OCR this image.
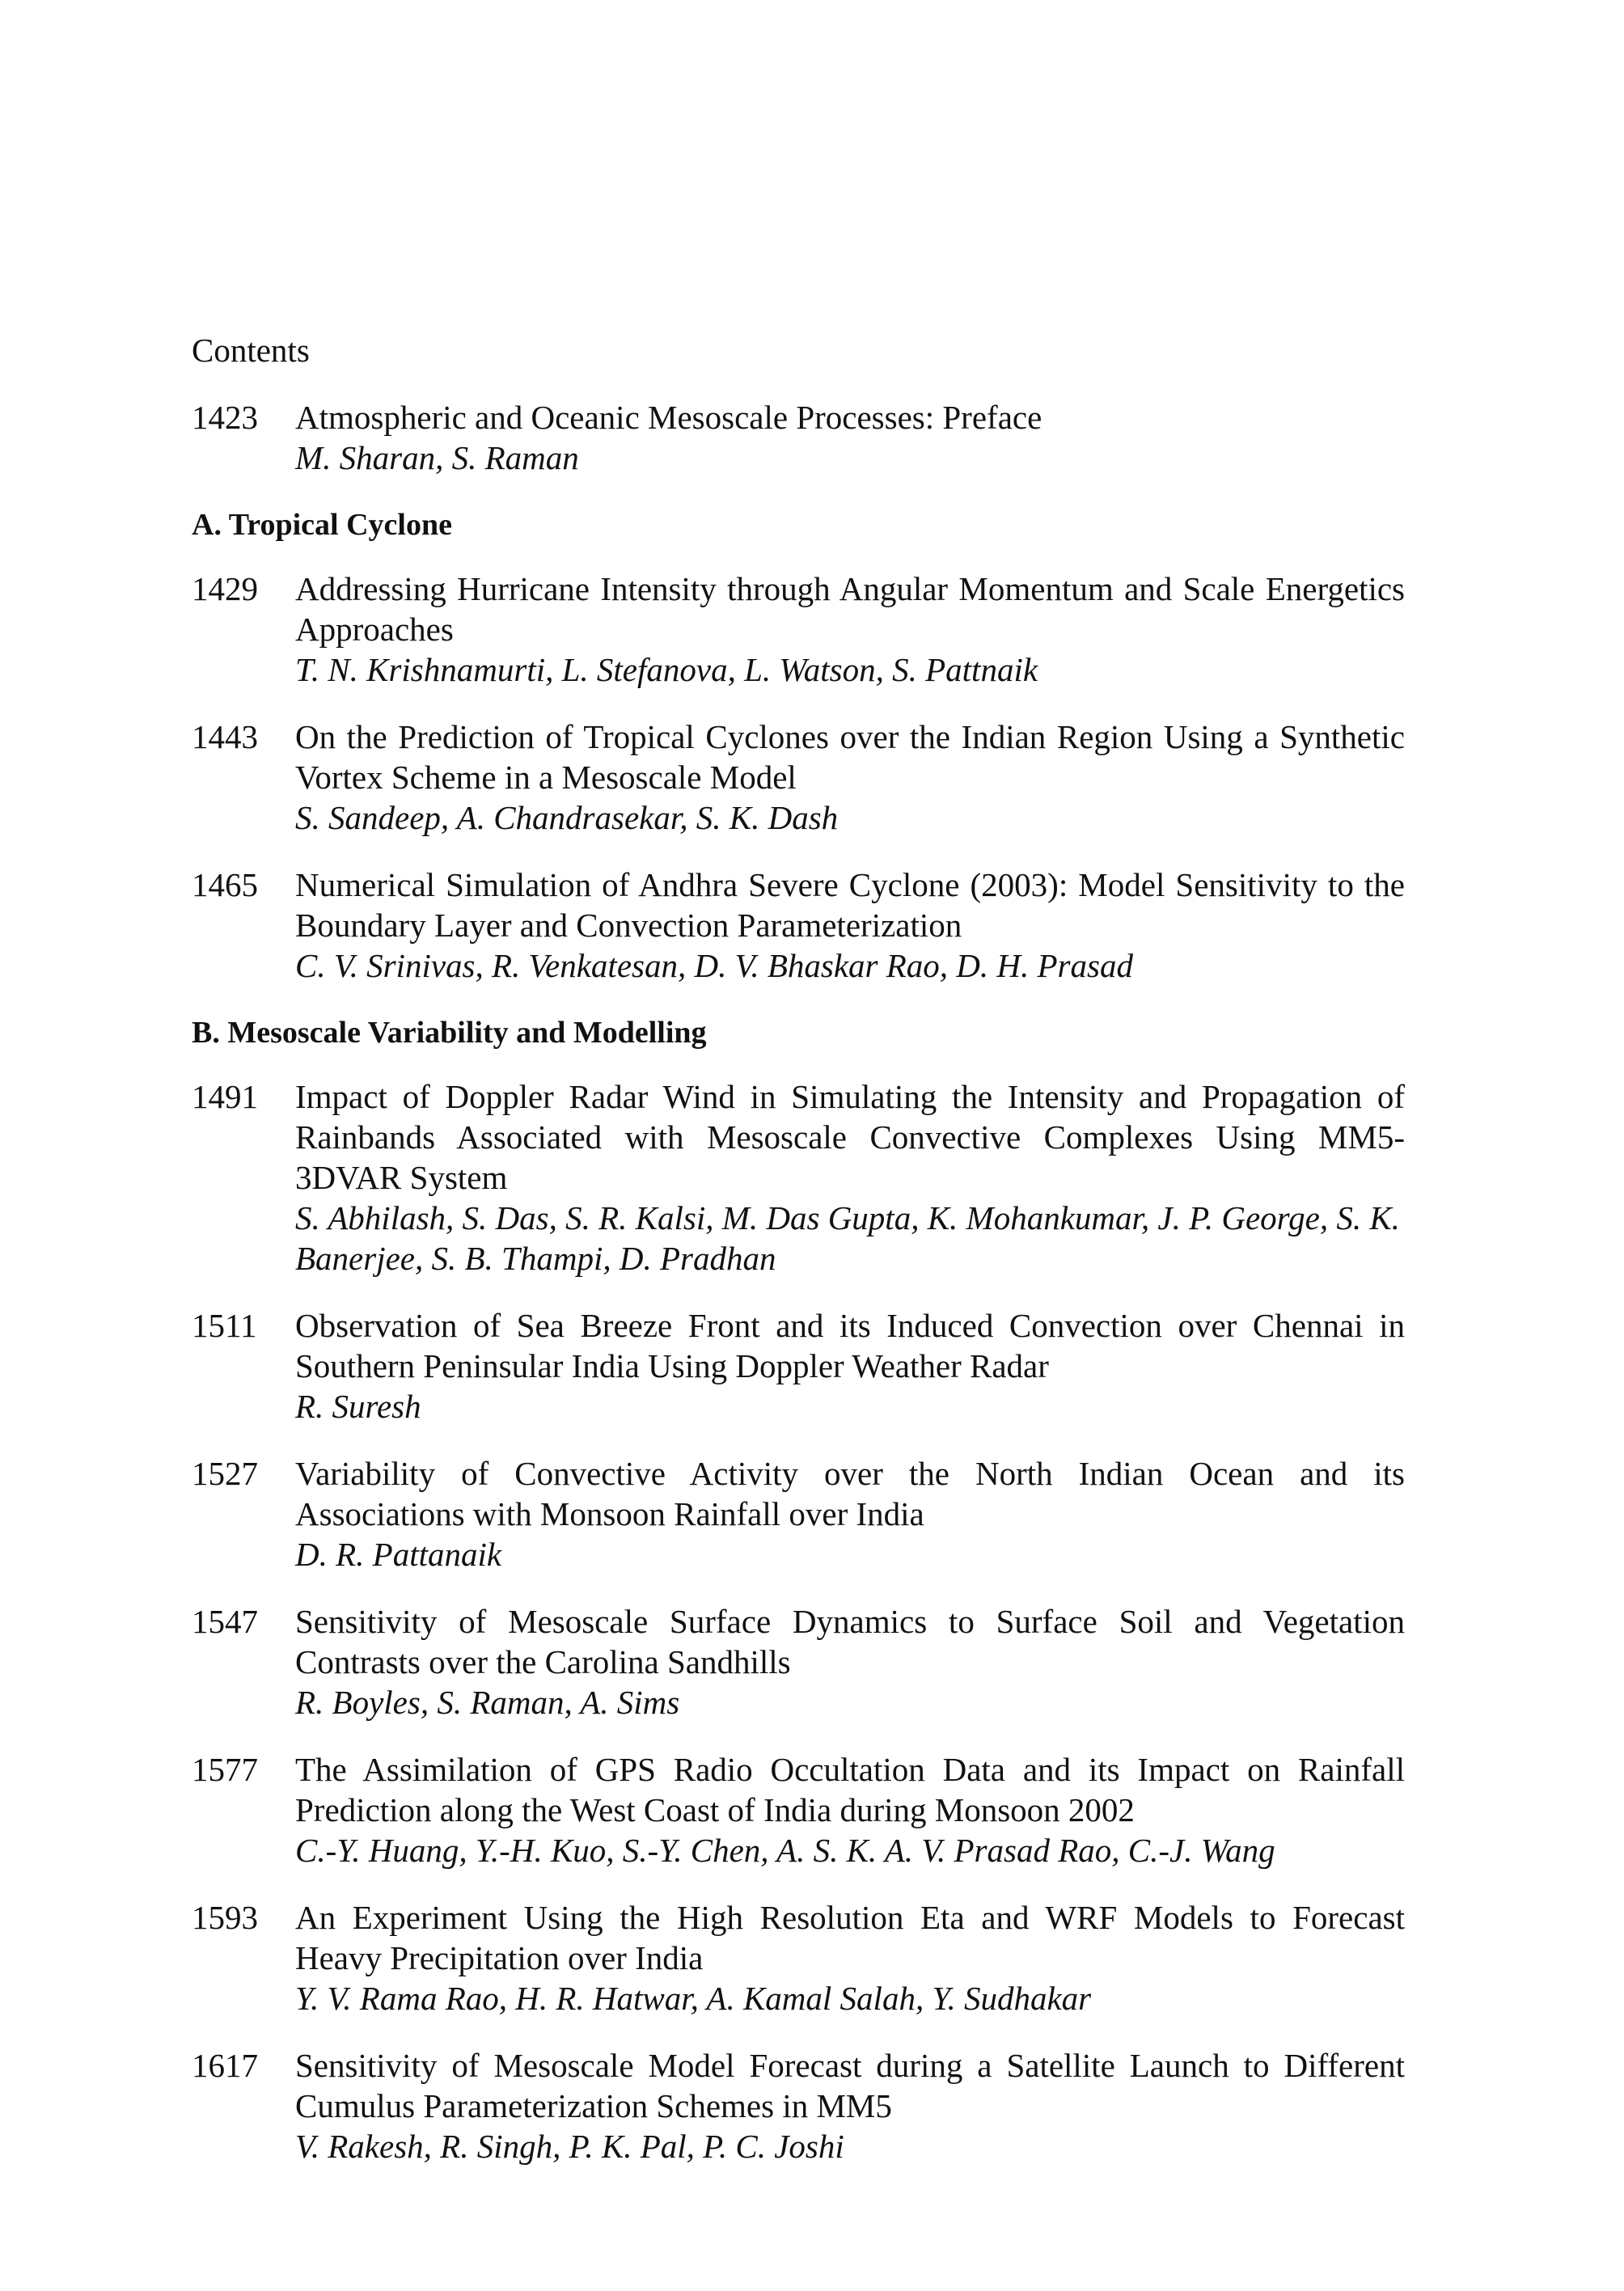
Contents
1423 Atmospheric and Oceanic Mesoscale Processes: Preface
M. Sharan, S. Raman
A. Tropical Cyclone
1429 Addressing Hurricane Intensity through Angular Momentum and Scale Energetics Approaches
T. N. Krishnamurti, L. Stefanova, L. Watson, S. Pattnaik
1443 On the Prediction of Tropical Cyclones over the Indian Region Using a Synthetic Vortex Scheme in a Mesoscale Model
S. Sandeep, A. Chandrasekar, S. K. Dash
1465 Numerical Simulation of Andhra Severe Cyclone (2003): Model Sensitivity to the Boundary Layer and Convection Parameterization
C. V. Srinivas, R. Venkatesan, D. V. Bhaskar Rao, D. H. Prasad
B. Mesoscale Variability and Modelling
1491 Impact of Doppler Radar Wind in Simulating the Intensity and Propagation of Rainbands Associated with Mesoscale Convective Complexes Using MM5-3DVAR System
S. Abhilash, S. Das, S. R. Kalsi, M. Das Gupta, K. Mohankumar, J. P. George, S. K. Banerjee, S. B. Thampi, D. Pradhan
1511 Observation of Sea Breeze Front and its Induced Convection over Chennai in Southern Peninsular India Using Doppler Weather Radar
R. Suresh
1527 Variability of Convective Activity over the North Indian Ocean and its Associations with Monsoon Rainfall over India
D. R. Pattanaik
1547 Sensitivity of Mesoscale Surface Dynamics to Surface Soil and Vegetation Contrasts over the Carolina Sandhills
R. Boyles, S. Raman, A. Sims
1577 The Assimilation of GPS Radio Occultation Data and its Impact on Rainfall Prediction along the West Coast of India during Monsoon 2002
C.-Y. Huang, Y.-H. Kuo, S.-Y. Chen, A. S. K. A. V. Prasad Rao, C.-J. Wang
1593 An Experiment Using the High Resolution Eta and WRF Models to Forecast Heavy Precipitation over India
Y. V. Rama Rao, H. R. Hatwar, A. Kamal Salah, Y. Sudhakar
1617 Sensitivity of Mesoscale Model Forecast during a Satellite Launch to Different Cumulus Parameterization Schemes in MM5
V. Rakesh, R. Singh, P. K. Pal, P. C. Joshi
